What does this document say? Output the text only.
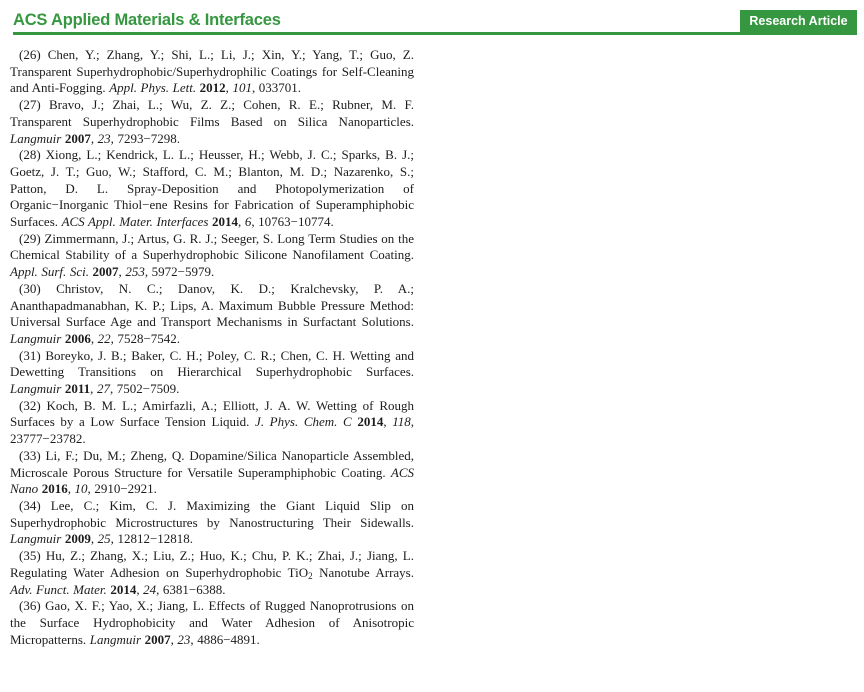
ACS Applied Materials & Interfaces	Research Article

(26) Chen, Y.; Zhang, Y.; Shi, L.; Li, J.; Xin, Y.; Yang, T.; Guo, Z. Transparent Superhydrophobic/Superhydrophilic Coatings for Self-Cleaning and Anti-Fogging. Appl. Phys. Lett. 2012, 101, 033701.

(27) Bravo, J.; Zhai, L.; Wu, Z. Z.; Cohen, R. E.; Rubner, M. F. Transparent Superhydrophobic Films Based on Silica Nanoparticles. Langmuir 2007, 23, 7293−7298.

(28) Xiong, L.; Kendrick, L. L.; Heusser, H.; Webb, J. C.; Sparks, B. J.; Goetz, J. T.; Guo, W.; Stafford, C. M.; Blanton, M. D.; Nazarenko, S.; Patton, D. L. Spray-Deposition and Photopolymerization of Organic−Inorganic Thiol−ene Resins for Fabrication of Superamphiphobic Surfaces. ACS Appl. Mater. Interfaces 2014, 6, 10763−10774.

(29) Zimmermann, J.; Artus, G. R. J.; Seeger, S. Long Term Studies on the Chemical Stability of a Superhydrophobic Silicone Nanofilament Coating. Appl. Surf. Sci. 2007, 253, 5972−5979.

(30) Christov, N. C.; Danov, K. D.; Kralchevsky, P. A.; Ananthapadmanabhan, K. P.; Lips, A. Maximum Bubble Pressure Method: Universal Surface Age and Transport Mechanisms in Surfactant Solutions. Langmuir 2006, 22, 7528−7542.

(31) Boreyko, J. B.; Baker, C. H.; Poley, C. R.; Chen, C. H. Wetting and Dewetting Transitions on Hierarchical Superhydrophobic Surfaces. Langmuir 2011, 27, 7502−7509.

(32) Koch, B. M. L.; Amirfazli, A.; Elliott, J. A. W. Wetting of Rough Surfaces by a Low Surface Tension Liquid. J. Phys. Chem. C 2014, 118, 23777−23782.

(33) Li, F.; Du, M.; Zheng, Q. Dopamine/Silica Nanoparticle Assembled, Microscale Porous Structure for Versatile Superamphiphobic Coating. ACS Nano 2016, 10, 2910−2921.

(34) Lee, C.; Kim, C. J. Maximizing the Giant Liquid Slip on Superhydrophobic Microstructures by Nanostructuring Their Sidewalls. Langmuir 2009, 25, 12812−12818.

(35) Hu, Z.; Zhang, X.; Liu, Z.; Huo, K.; Chu, P. K.; Zhai, J.; Jiang, L. Regulating Water Adhesion on Superhydrophobic TiO$_2$ Nanotube Arrays. Adv. Funct. Mater. 2014, 24, 6381−6388.

(36) Gao, X. F.; Yao, X.; Jiang, L. Effects of Rugged Nanoprotrusions on the Surface Hydrophobicity and Water Adhesion of Anisotropic Micropatterns. Langmuir 2007, 23, 4886−4891.
